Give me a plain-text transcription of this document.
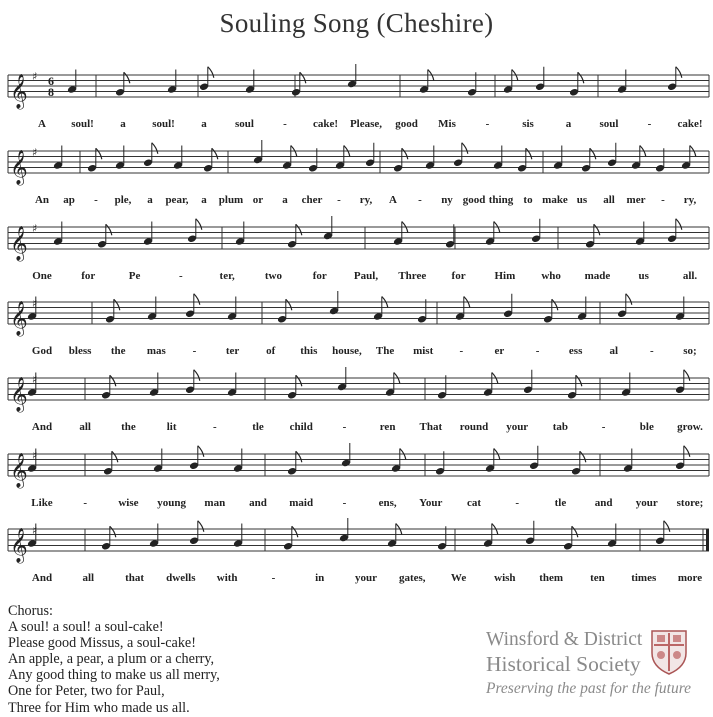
Souling Song (Cheshire)
𝄞 ♯ 6
8
A soul! a soul! a	soul	- cake! Please, good Mis	-	sis	a	soul	- cake!
𝄞 ♯
An ap - ple, a pear, a plum or a cher - ry, A - ny good thing to make us all mer - ry,
𝄞 ♯
One	for	Pe	-	ter,	two	for Paul, Three for	Him who made	us	all.
𝄞 ♯
God bless the mas -	ter of this house, The mist -	er	-	ess al	-	so;
𝄞 ♯
And all	the	lit	-	tle child	-	ren That round your tab	-	ble grow.
𝄞 ♯
Like	-	wise young man and maid	-	ens, Your cat	-	tle	and your store;
𝄞 ♯
And	all	that dwells with	-	in	your gates, We	wish them ten times more
Chorus:
A soul! a soul! a soul-cake!
Please good Missus, a soul-cake!
An apple, a pear, a plum or a cherry,
Any good thing to make us all merry,
One for Peter, two for Paul,
Three for Him who made us all.
Winsford & District
Historical Society
Preserving the past for the future
